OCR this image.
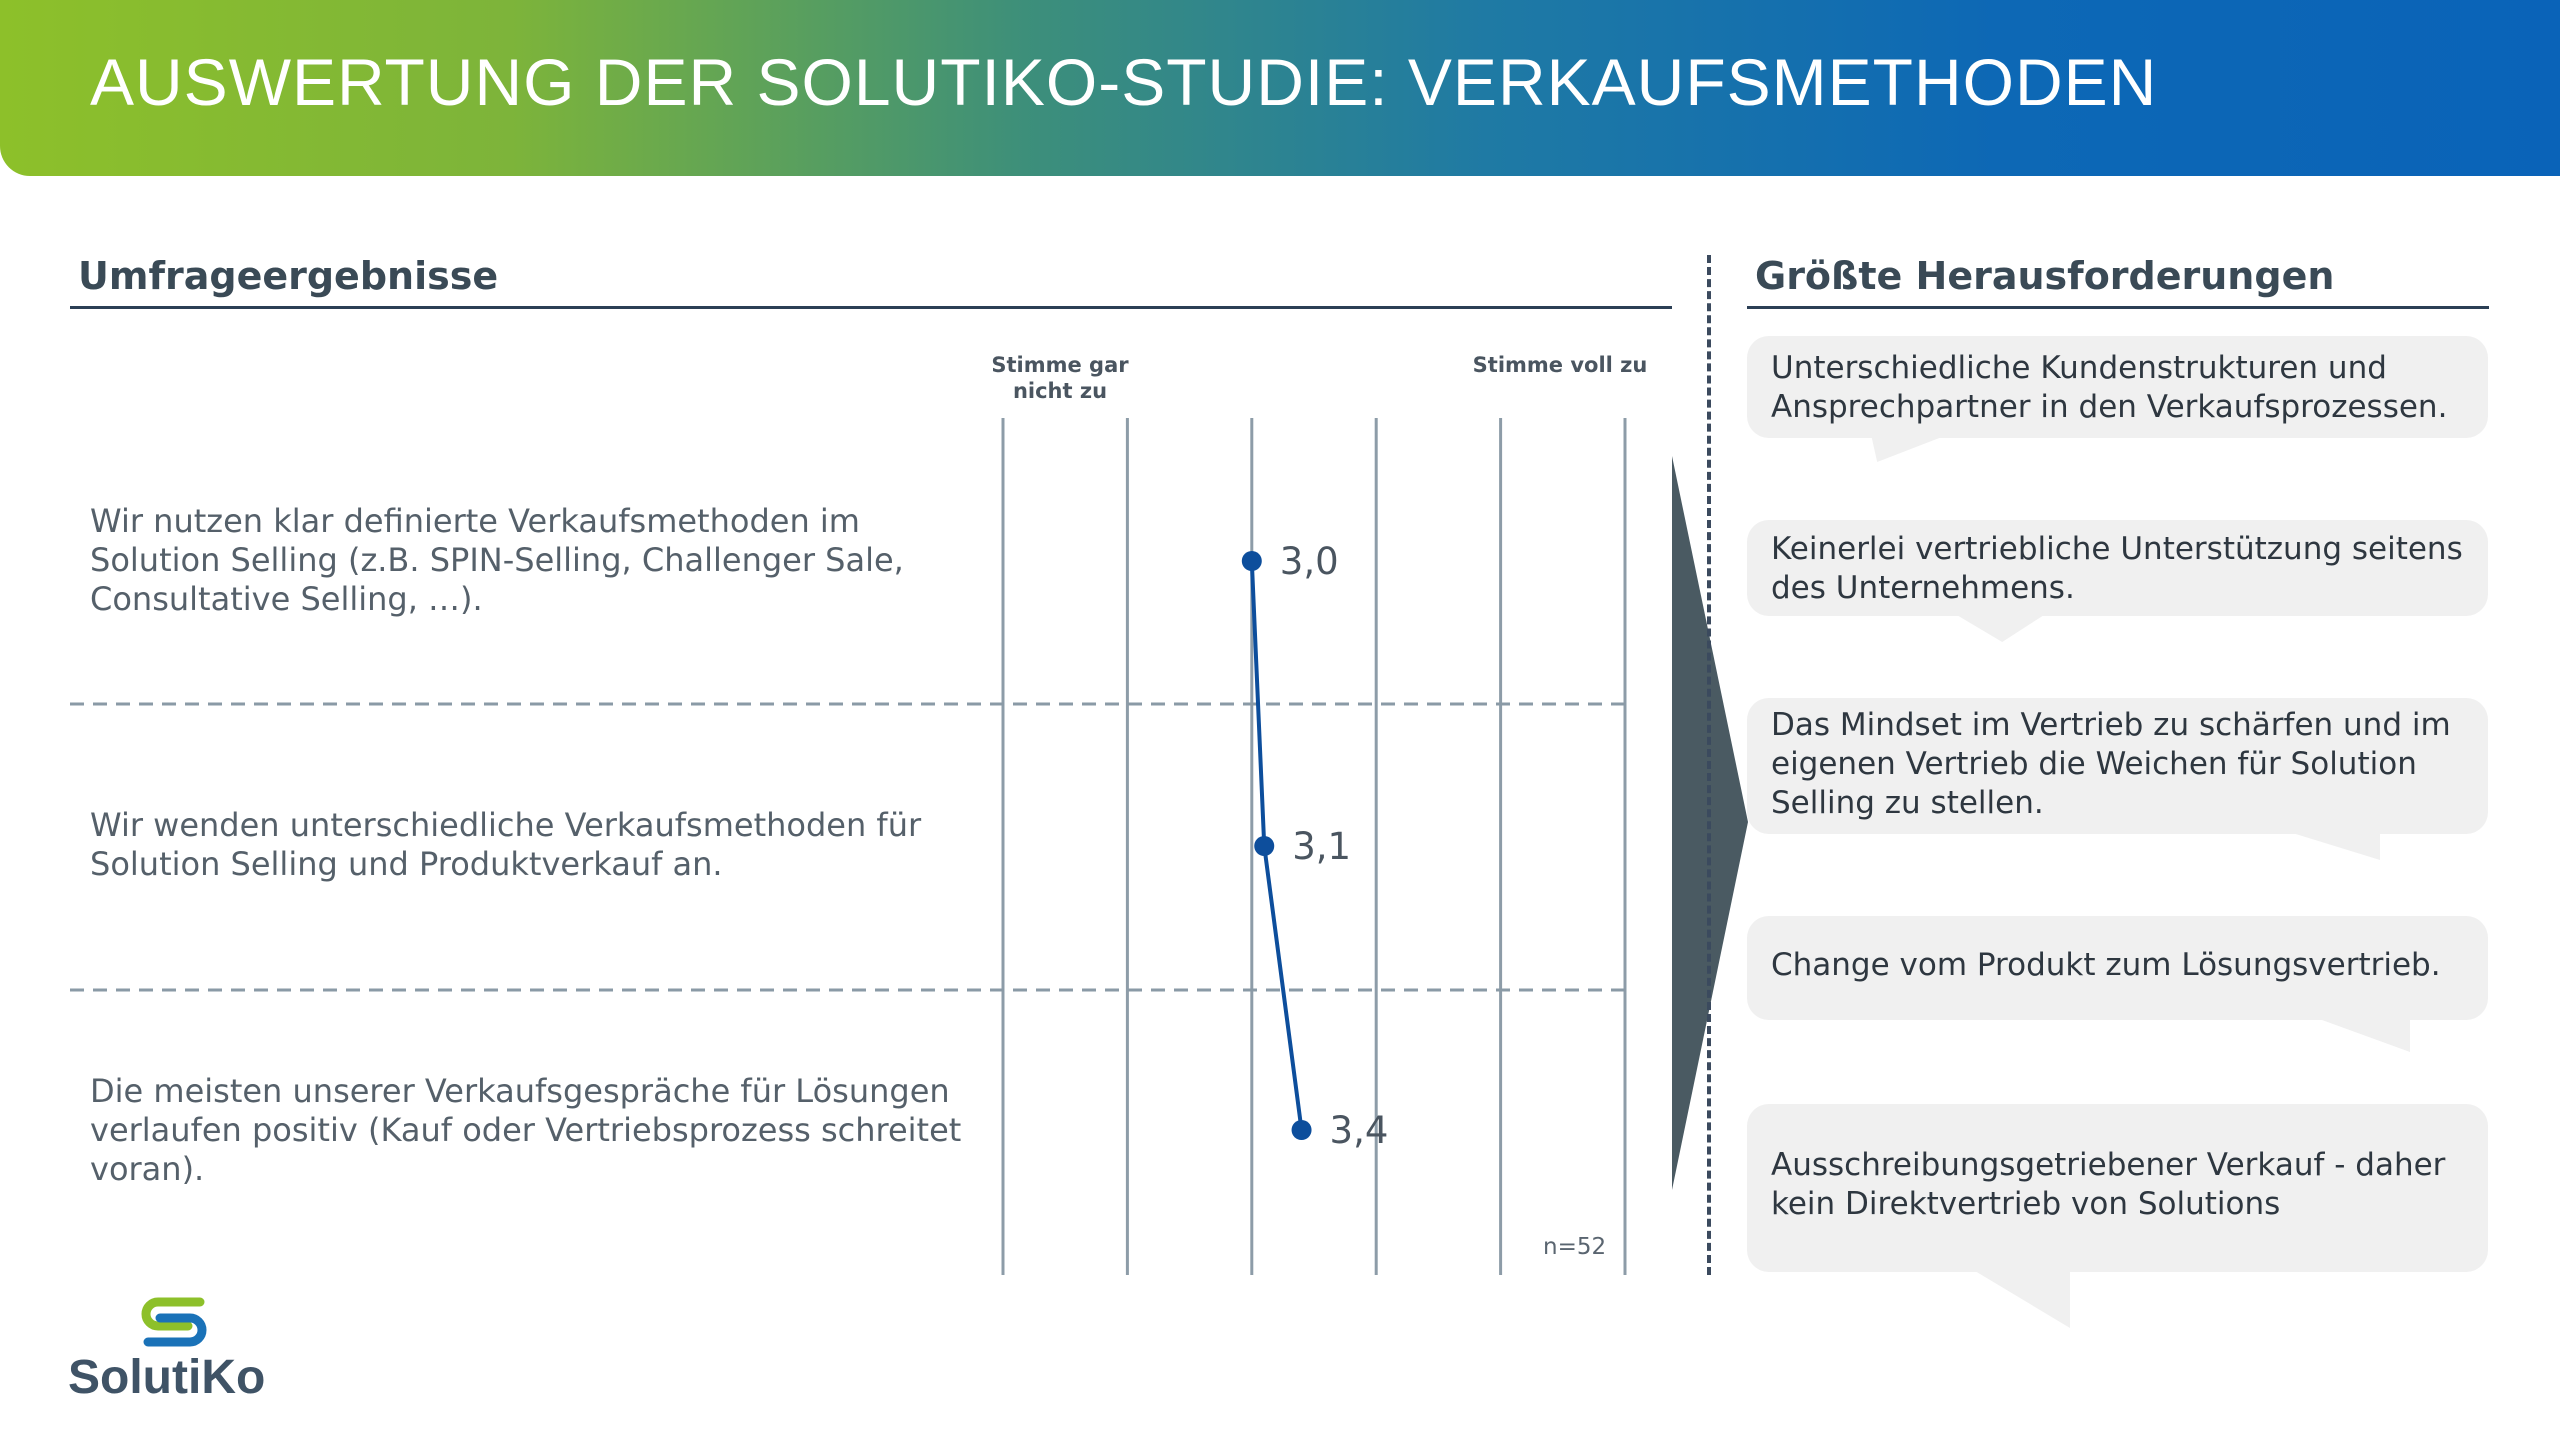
AUSWERTUNG DER SOLUTIKO-STUDIE: VERKAUFSMETHODEN
Umfrageergebnisse
Stimme gar nicht zu
Stimme voll zu
Wir nutzen klar definierte Verkaufsmethoden im Solution Selling (z.B. SPIN-Selling, Challenger Sale, Consultative Selling, …).
Wir wenden unterschiedliche Verkaufsmethoden für Solution Selling und Produktverkauf an.
Die meisten unserer Verkaufsgespräche für Lösungen verlaufen positiv (Kauf oder Vertriebsprozess schreitet voran).
3,0
3,1
3,4
n=52
Größte Herausforderungen
Unterschiedliche Kundenstrukturen und Ansprechpartner in den Verkaufsprozessen.
Keinerlei vertriebliche Unterstützung seitens des Unternehmens.
Das Mindset im Vertrieb zu schärfen und im eigenen Vertrieb die Weichen für Solution Selling zu stellen.
Change vom Produkt zum Lösungsvertrieb.
Ausschreibungsgetriebener Verkauf - daher kein Direktvertrieb von Solutions
SolutiKo
